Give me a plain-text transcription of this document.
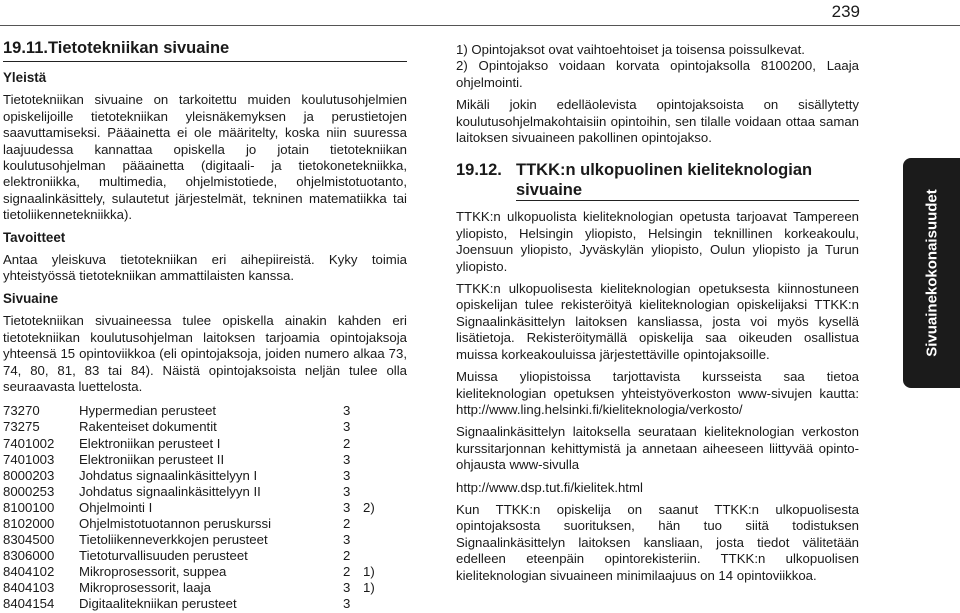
239
19.11.Tietotekniikan sivuaine
Yleistä

Tietotekniikan sivuaine on tarkoitettu muiden koulutusohjelmien opiskelijoille tietotekniikan yleisnäkemyksen ja perustietojen saavuttamiseksi. Pääainetta ei ole määritelty, koska niin suuressa laajuudessa kannattaa opiskella jo jotain tietotekniikan koulutusohjelman pääainetta (digitaali- ja tietokonetekniikka, elektroniikka, multimedia, ohjelmistotiede, ohjelmistotuotanto, signaalinkäsittely, sulautetut järjestelmät, tekninen matematiikka tai tietoliikennetekniikka).

Tavoitteet

Antaa yleiskuva tietotekniikan eri aihepiireistä. Kyky toimia yhteistyössä tietotekniikan ammattilaisten kanssa.

Sivuaine

Tietotekniikan sivuaineessa tulee opiskella ainakin kahden eri tietotekniikan koulutusohjelman laitoksen tarjoamia opintojaksoja yhteensä 15 opintoviikkoa (eli opintojaksoja, joiden numero alkaa 73, 74, 80, 81, 83 tai 84). Näistä opintojaksoista neljän tulee olla seuraavasta luettelosta.

73270	Hypermedian perusteet	3	
73275	Rakenteiset dokumentit	3	
7401002	Elektroniikan perusteet I	2	
7401003	Elektroniikan perusteet II	3	
8000203	Johdatus signaalinkäsittelyyn I	3	
8000253	Johdatus signaalinkäsittelyyn II	3	
8100100	Ohjelmointi I	3	2)
8102000	Ohjelmistotuotannon peruskurssi	2	
8304500	Tietoliikenneverkkojen perusteet	3	
8306000	Tietoturvallisuuden perusteet	2	
8404102	Mikroprosessorit, suppea	2	1)
8404103	Mikroprosessorit, laaja	3	1)
8404154	Digitaalitekniikan perusteet	3	

1) Opintojaksot ovat vaihtoehtoiset ja toisensa poissulkevat.

2) Opintojakso voidaan korvata opintojaksolla 8100200, Laaja ohjelmointi.

Mikäli jokin edelläolevista opintojaksoista on sisällytetty koulutusohjelmakohtaisiin opintoihin, sen tilalle voidaan ottaa saman laitoksen sivuaineen pakollinen opintojakso.

19.12. TTKK:n ulkopuolinen kieliteknologian sivuaine

TTKK:n ulkopuolista kieliteknologian opetusta tarjoavat Tampereen yliopisto, Helsingin yliopisto, Helsingin teknillinen korkeakoulu, Joensuun yliopisto, Jyväskylän yliopisto, Oulun yliopisto ja Turun yliopisto.

TTKK:n ulkopuolisesta kieliteknologian opetuksesta kiinnostuneen opiskelijan tulee rekisteröityä kieliteknologian opiskelijaksi TTKK:n Signaalinkäsittelyn laitoksen kansliassa, josta voi myös kysellä lisätietoja. Rekisteröitymällä opiskelija saa oikeuden osallistua muissa korkeakouluissa järjestettäville opintojaksoille.

Muissa yliopistoissa tarjottavista kursseista saa tietoa kieliteknologian opetuksen yhteistyöverkoston www-sivujen kautta: http://www.ling.helsinki.fi/kieliteknologia/verkosto/

Signaalinkäsittelyn laitoksella seurataan kieliteknologian verkoston kurssitarjonnan kehittymistä ja annetaan aiheeseen liittyvää opinto-ohjausta www-sivulla

http://www.dsp.tut.fi/kielitek.html

Kun TTKK:n opiskelija on saanut TTKK:n ulkopuolisesta opintojaksosta suorituksen, hän tuo siitä todistuksen Signaalinkäsittelyn laitoksen kansliaan, josta tiedot välitetään edelleen eteenpäin opintorekisteriin. TTKK:n ulkopuolisen kieliteknologian sivuaineen minimilaajuus on 14 opintoviikkoa.

Sivuainekokonaisuudet
